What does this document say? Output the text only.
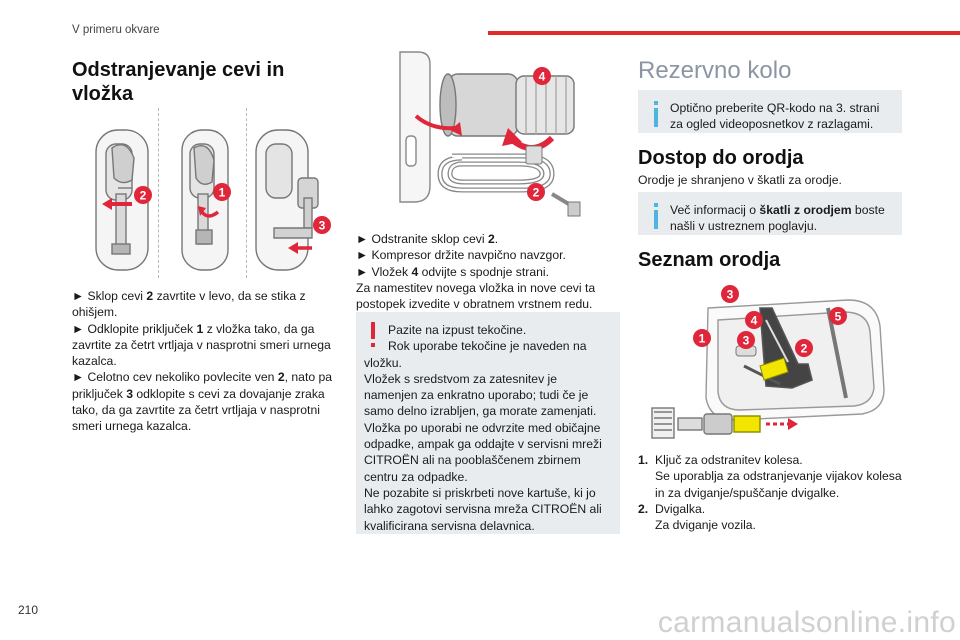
V primeru okvare
210	carmanualsonline.info
Odstranjevanje cevi in
vložka
2	1
3

► Sklop cevi 2 zavrtite v levo, da se stika z ohišjem.

► Odklopite priključek 1 z vložka tako, da ga zavrtite za četrt vrtljaja v nasprotni smeri urnega kazalca.

► Celotno cev nekoliko povlecite ven 2, nato pa priključek 3 odklopite s cevi za dovajanje zraka tako, da ga zavrtite za četrt vrtljaja v nasprotni smeri urnega kazalca.

4
2

► Odstranite sklop cevi 2.

► Kompresor držite navpično navzgor.

► Vložek 4 odvijte s spodnje strani.

Za namestitev novega vložka in nove cevi ta postopek izvedite v obratnem vrstnem redu.

Pazite na izpust tekočine.

Rok uporabe tekočine je naveden na vložku.

Vložek s sredstvom za zatesnitev je namenjen za enkratno uporabo; tudi če je samo delno izrabljen, ga morate zamenjati.

Vložka po uporabi ne odvrzite med običajne odpadke, ampak ga oddajte v servisni mreži CITROËN ali na pooblaščenem zbirnem centru za odpadke.

Ne pozabite si priskrbeti nove kartuše, ki jo lahko zagotovi servisna mreža CITROËN ali kvalificirana servisna delavnica.

Rezervno kolo
Optično preberite QR-kodo na 3. strani za ogled videoposnetkov z razlagami.
Dostop do orodja
Orodje je shranjeno v škatli za orodje.
Več informacij o škatli z orodjem boste našli v ustreznem poglavju.
Seznam orodja
3
4	5
1	3
2
1. Ključ za odstranitev kolesa.
Se uporablja za odstranjevanje vijakov kolesa in za dviganje/spuščanje dvigalke.
2. Dvigalka.
Za dviganje vozila.
